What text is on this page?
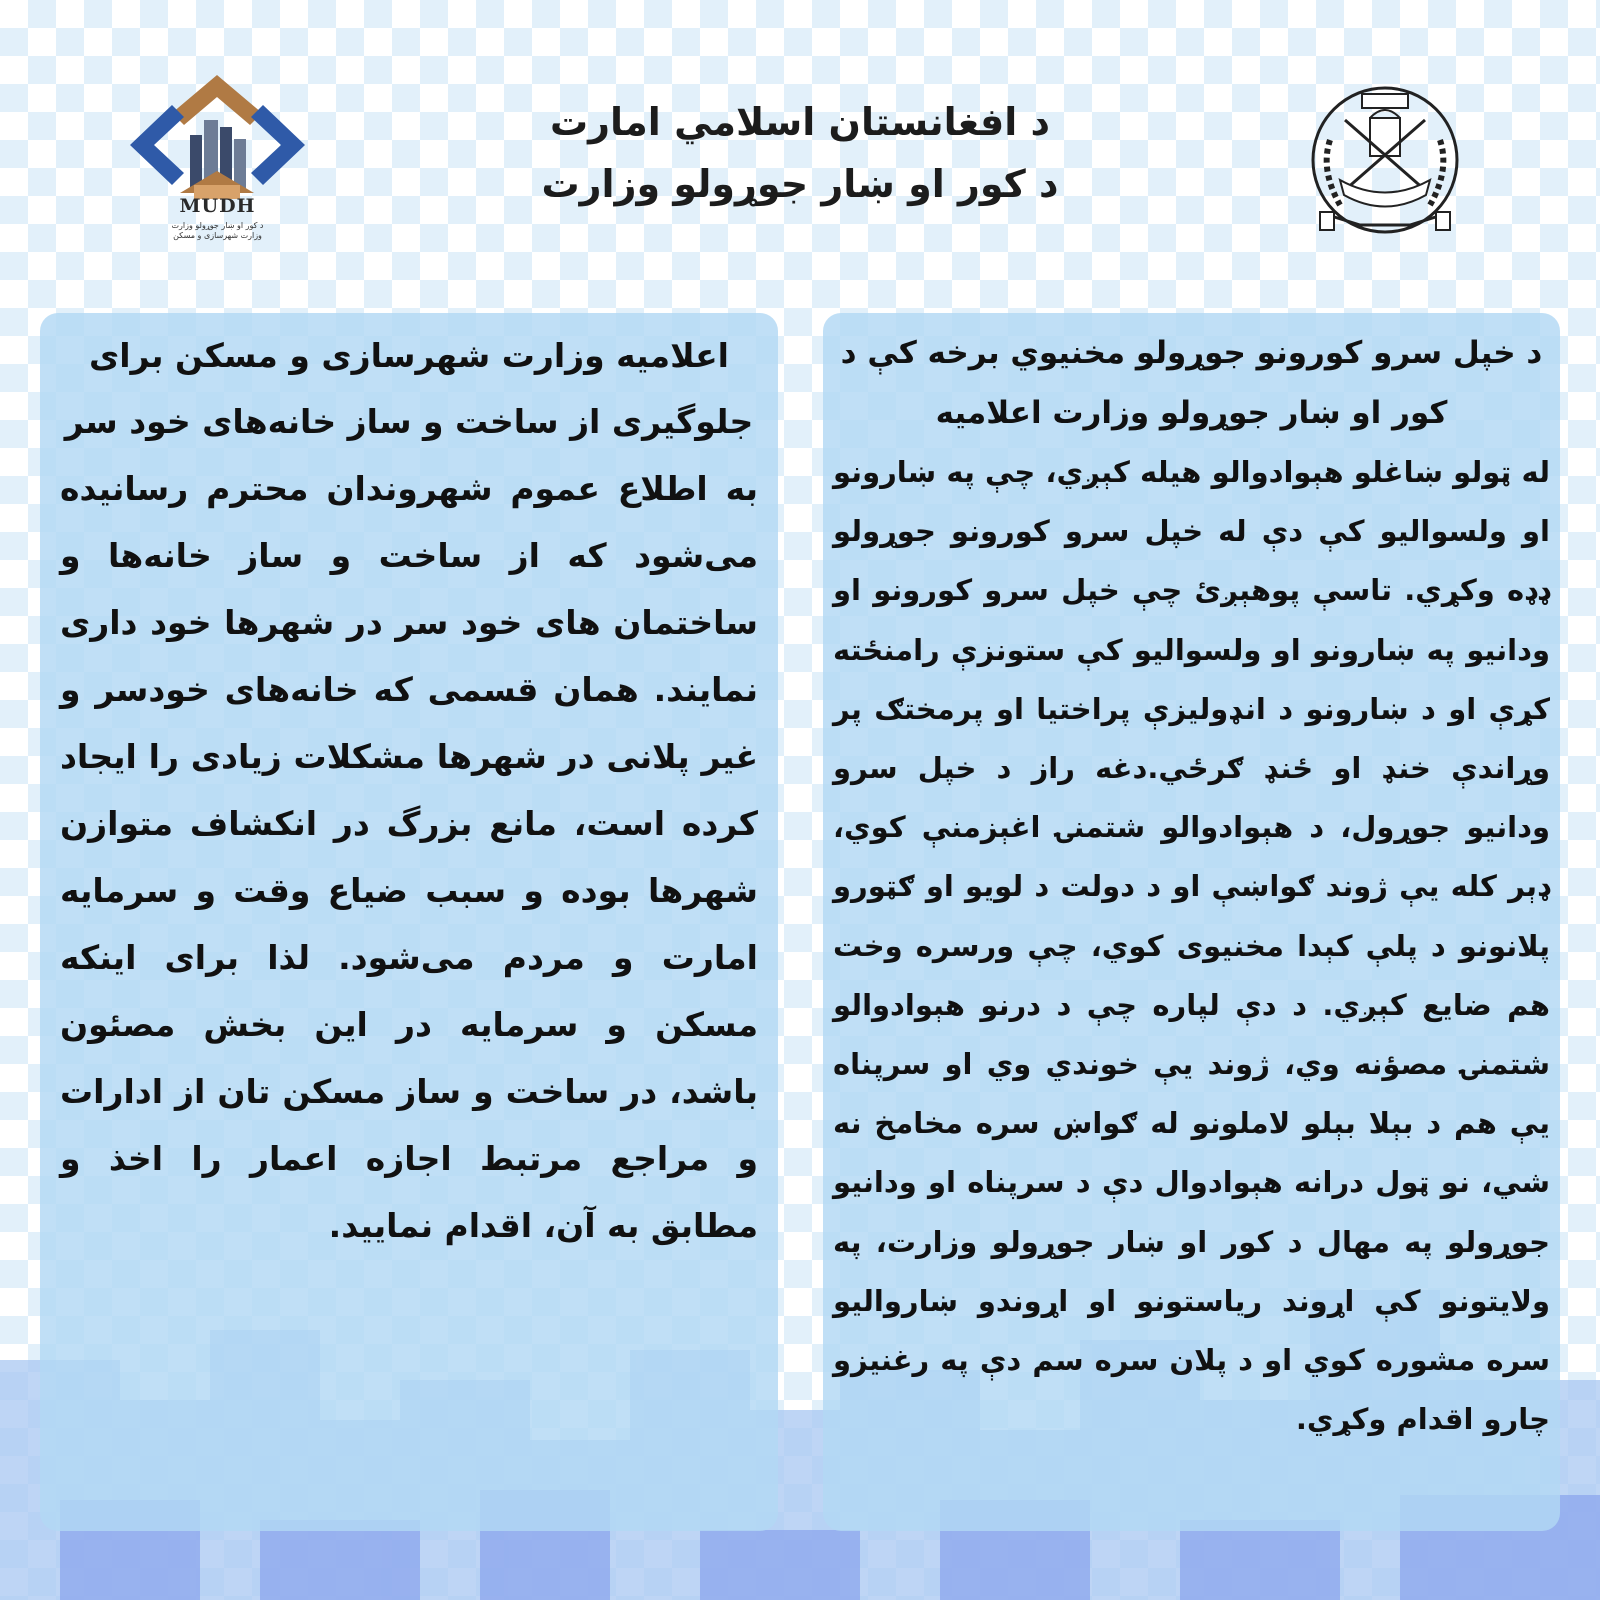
MUDH
د کور او ښار جوړولو وزارت
وزارت شهرسازی و مسکن
د افغانستان اسلامي امارت
د کور او ښار جوړولو وزارت
اعلامیه وزارت شهرسازی و مسکن برای جلوگیری از ساخت و ساز خانه‌های خود سر
به اطلاع عموم شهروندان محترم رسانیده می‌شود که از ساخت و ساز خانه‌ها و ساختمان های خود سر در شهرها خود داری نمایند. همان قسمی که خانه‌های خودسر و غیر پلانی در شهرها مشکلات زیادی را ایجاد کرده است، مانع بزرگ در انکشاف متوازن شهرها بوده و سبب ضیاع وقت و سرمایه امارت و مردم می‌شود. لذا برای اینکه مسکن و سرمایه در این بخش مصئون باشد، در ساخت و ساز مسکن تان از ادارات و مراجع مرتبط اجازه اعمار را اخذ و مطابق به آن، اقدام نمایید.
د خپل سرو کورونو جوړولو مخنیوي برخه کې د کور او ښار جوړولو وزارت اعلامیه
له ټولو ښاغلو هېوادوالو هیله کېږي، چې په ښارونو او ولسوالیو کې دې له خپل سرو کورونو جوړولو ډډه وکړي. تاسې پوهېږئ چې خپل سرو کورونو او ودانیو په ښارونو او ولسوالیو کې ستونزې رامنځته کړې او د ښارونو د انډولیزې پراختیا او پرمختګ پر وړاندې خنډ او ځنډ ګرځي.دغه راز د خپل سرو ودانیو جوړول، د هېوادوالو شتمنۍ اغېزمنې کوي، ډېر کله یې ژوند ګواښې او د دولت د لویو او ګټورو پلانونو د پلې کېدا مخنیوی کوي، چې ورسره وخت هم ضایع کېږي. د دې لپاره چې د درنو هېوادوالو شتمنۍ مصؤنه وي، ژوند یې خوندي وي او سرپناه یې هم د بېلا بېلو لاملونو له ګواښ سره مخامخ نه شي، نو ټول درانه هېوادوال دې د سرپناه او ودانیو جوړولو په مهال د کور او ښار جوړولو وزارت، په ولایتونو کې اړوند ریاستونو او اړوندو ښاروالیو سره مشوره کوي او د پلان سره سم دې په رغنیزو چارو اقدام وکړي.
